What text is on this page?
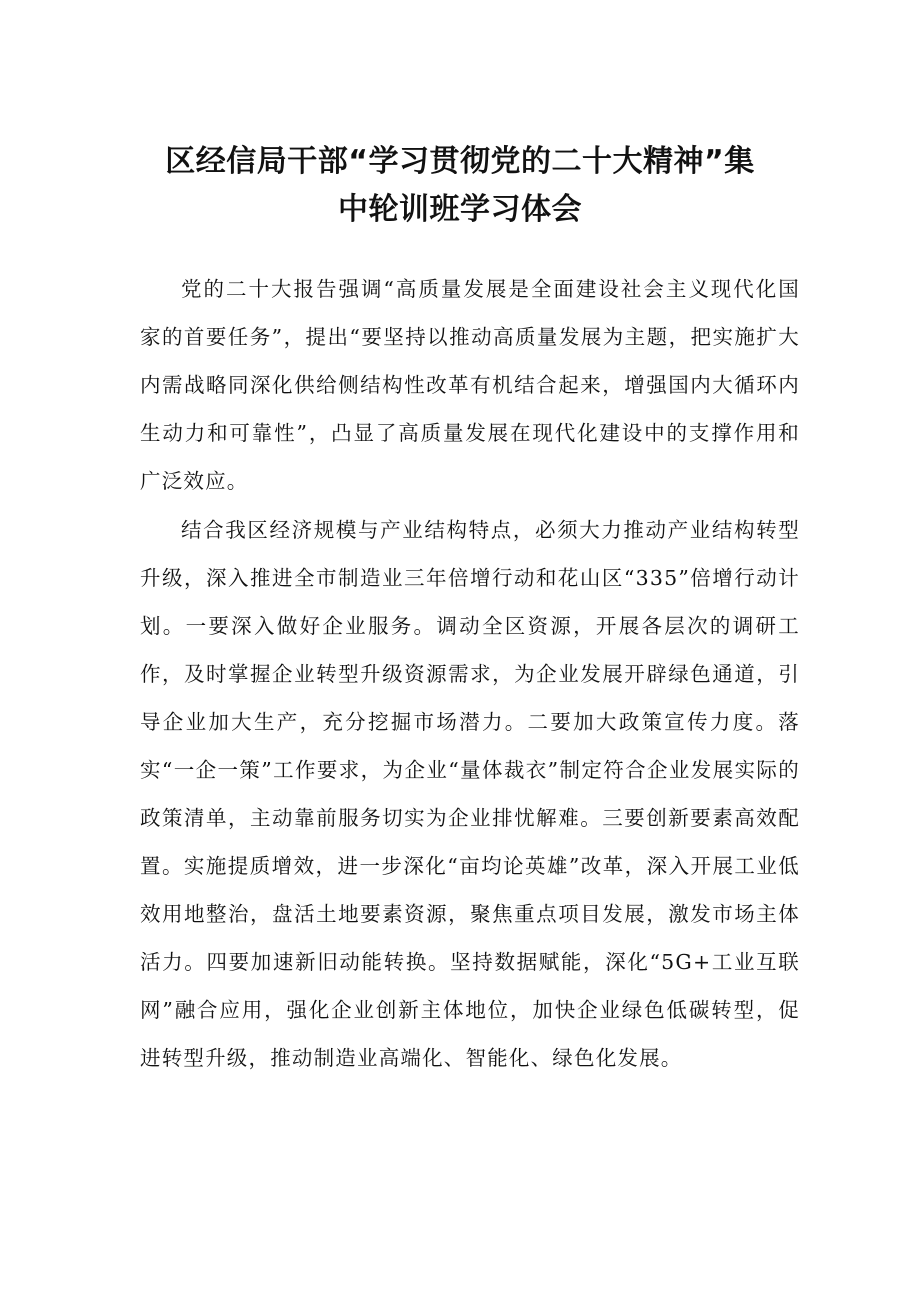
区经信局干部“学习贯彻党的二十大精神”集
中轮训班学习体会

党的二十大报告强调“高质量发展是全面建设社会主义现代化国家的首要任务”，提出“要坚持以推动高质量发展为主题，把实施扩大内需战略同深化供给侧结构性改革有机结合起来，增强国内大循环内生动力和可靠性”，凸显了高质量发展在现代化建设中的支撑作用和广泛效应。

结合我区经济规模与产业结构特点，必须大力推动产业结构转型升级，深入推进全市制造业三年倍增行动和花山区“335”倍增行动计划。一要深入做好企业服务。调动全区资源，开展各层次的调研工作，及时掌握企业转型升级资源需求，为企业发展开辟绿色通道，引导企业加大生产，充分挖掘市场潜力。二要加大政策宣传力度。落实“一企一策”工作要求，为企业“量体裁衣”制定符合企业发展实际的政策清单，主动靠前服务切实为企业排忧解难。三要创新要素高效配置。实施提质增效，进一步深化“亩均论英雄”改革，深入开展工业低效用地整治，盘活土地要素资源，聚焦重点项目发展，激发市场主体活力。四要加速新旧动能转换。坚持数据赋能，深化“5G+工业互联网”融合应用，强化企业创新主体地位，加快企业绿色低碳转型，促进转型升级，推动制造业高端化、智能化、绿色化发展。
